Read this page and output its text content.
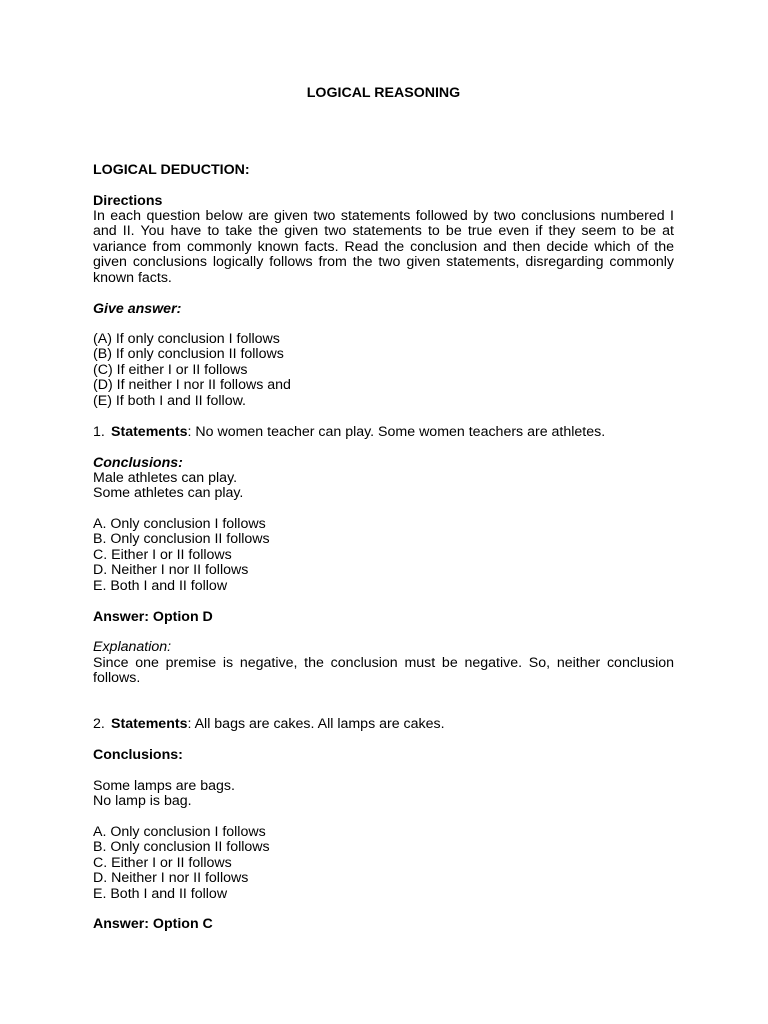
LOGICAL REASONING
LOGICAL DEDUCTION:
Directions
In each question below are given two statements followed by two conclusions numbered I and II. You have to take the given two statements to be true even if they seem to be at variance from commonly known facts. Read the conclusion and then decide which of the given conclusions logically follows from the two given statements, disregarding commonly known facts.
Give answer:
(A) If only conclusion I follows
(B) If only conclusion II follows
(C) If either I or II follows
(D) If neither I nor II follows and
(E) If both I and II follow.
1. Statements: No women teacher can play. Some women teachers are athletes.
Conclusions:
Male athletes can play.
Some athletes can play.
A. Only conclusion I follows
B. Only conclusion II follows
C. Either I or II follows
D. Neither I nor II follows
E. Both I and II follow
Answer: Option D
Explanation:
Since one premise is negative, the conclusion must be negative. So, neither conclusion follows.
2. Statements: All bags are cakes. All lamps are cakes.
Conclusions:
Some lamps are bags.
No lamp is bag.
A. Only conclusion I follows
B. Only conclusion II follows
C. Either I or II follows
D. Neither I nor II follows
E. Both I and II follow
Answer: Option C
